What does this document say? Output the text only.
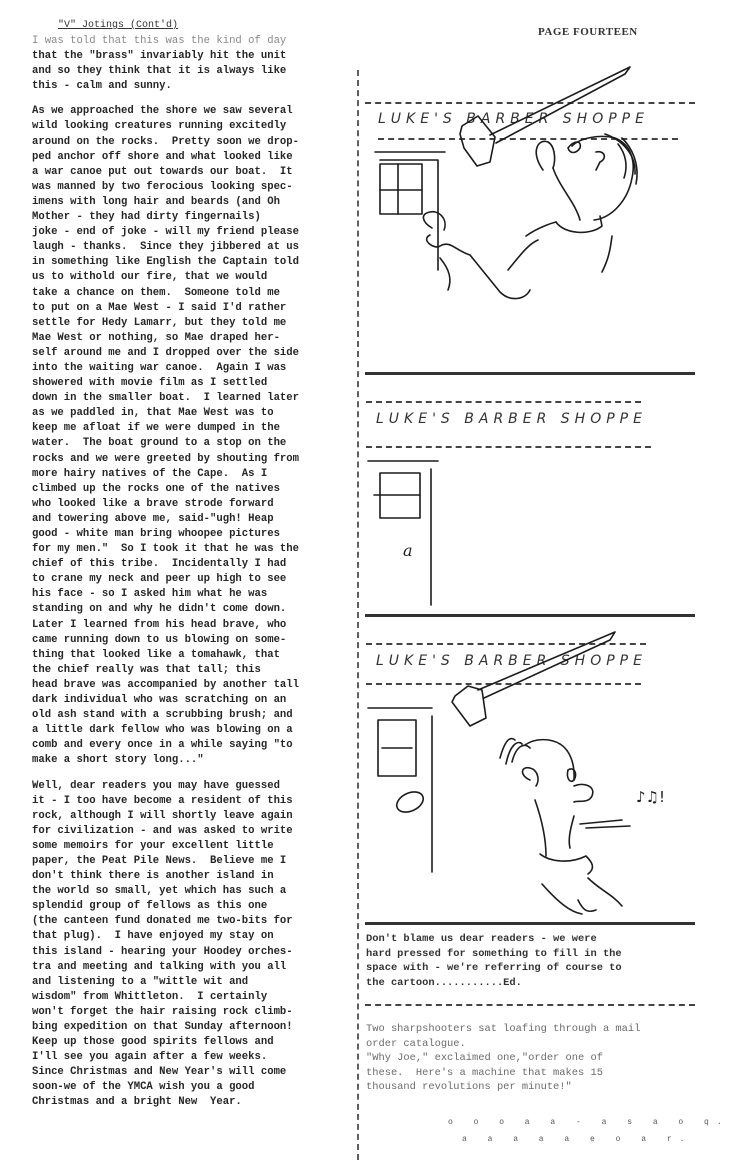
"V" Jotings (Cont'd)
PAGE FOURTEEN
I was told that this was the kind of day
that the "brass" invariably hit the unit
and so they think that it is always like
this - calm and sunny.
As we approached the shore we saw several
wild looking creatures running excitedly
around on the rocks.  Pretty soon we drop-
ped anchor off shore and what looked like
a war canoe put out towards our boat.  It
was manned by two ferocious looking spec-
imens with long hair and beards (and Oh
Mother - they had dirty fingernails)
joke - end of joke - will my friend please
laugh - thanks.  Since they jibbered at us
in something like English the Captain told
us to withold our fire, that we would
take a chance on them.  Someone told me
to put on a Mae West - I said I'd rather
settle for Hedy Lamarr, but they told me
Mae West or nothing, so Mae draped her-
self around me and I dropped over the side
into the waiting war canoe.  Again I was
showered with movie film as I settled
down in the smaller boat.  I learned later
as we paddled in, that Mae West was to
keep me afloat if we were dumped in the
water.  The boat ground to a stop on the
rocks and we were greeted by shouting from
more hairy natives of the Cape.  As I
climbed up the rocks one of the natives
who looked like a brave strode forward
and towering above me, said-"ugh! Heap
good - white man bring whoopee pictures
for my men."  So I took it that he was the
chief of this tribe.  Incidentally I had
to crane my neck and peer up high to see
his face - so I asked him what he was
standing on and why he didn't come down.
Later I learned from his head brave, who
came running down to us blowing on some-
thing that looked like a tomahawk, that
the chief really was that tall; this
head brave was accompanied by another tall
dark individual who was scratching on an
old ash stand with a scrubbing brush; and
a little dark fellow who was blowing on a
comb and every once in a while saying "to
make a short story long..."
Well, dear readers you may have guessed
it - I too have become a resident of this
rock, although I will shortly leave again
for civilization - and was asked to write
some memoirs for your excellent little
paper, the Peat Pile News.  Believe me I
don't think there is another island in
the world so small, yet which has such a
splendid group of fellows as this one
(the canteen fund donated me two-bits for
that plug).  I have enjoyed my stay on
this island - hearing your Hoodey orches-
tra and meeting and talking with you all
and listening to a "wittle wit and
wisdom" from Whittleton.  I certainly
won't forget the hair raising rock climb-
bing expedition on that Sunday afternoon!
Keep up those good spirits fellows and
I'll see you again after a few weeks.
Since Christmas and New Year's will come
soon-we of the YMCA wish you a good
Christmas and a bright New  Year.
LUKE'S BARBER SHOPPE
LUKE'S BARBER SHOPPE
a
LUKE'S BARBER SHOPPE
♪♫!
Don't blame us dear readers - we were
hard pressed for something to fill in the
space with - we're referring of course to
the cartoon...........Ed.
Two sharpshooters sat loafing through a mail
order catalogue.
"Why Joe," exclaimed one,"order one of
these.  Here's a machine that makes 15
thousand revolutions per minute!"
o o o a a - a s a o q.
a a a a a e o a r.
